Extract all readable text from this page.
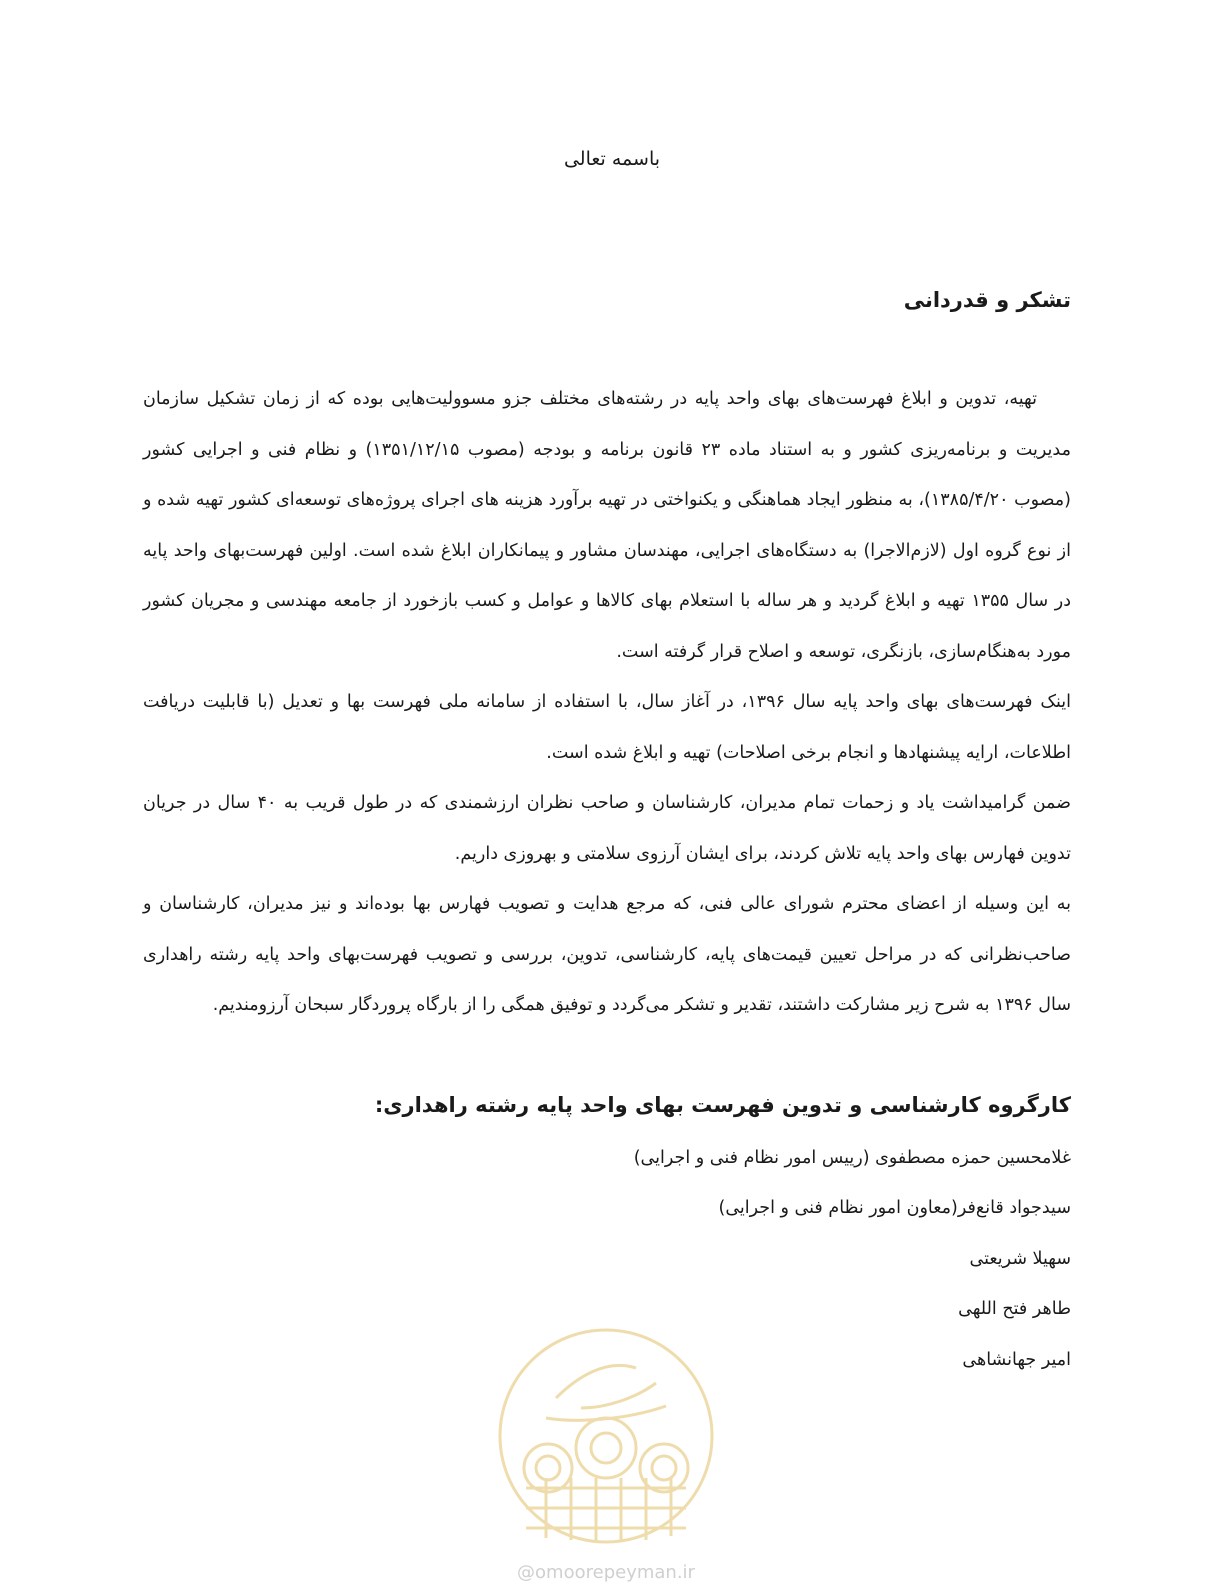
باسمه تعالی
تشکر و قدردانی

تهیه، تدوین و ابلاغ فهرست‌های بهای واحد پایه در رشته‌های مختلف جزو مسوولیت‌هایی بوده که از زمان تشکیل سازمان مدیریت و برنامه‌ریزی کشور و به استناد ماده ۲۳ قانون برنامه و بودجه (مصوب ۱۳۵۱/۱۲/۱۵) و نظام فنی و اجرایی کشور (مصوب ۱۳۸۵/۴/۲۰)، به منظور ایجاد هماهنگی و یکنواختی در تهیه برآورد هزینه های اجرای پروژه‌های توسعه‌ای کشور تهیه شده و از نوع گروه اول (لازم‌الاجرا) به دستگاه‌های اجرایی، مهندسان مشاور و پیمانکاران ابلاغ شده است. اولین فهرست‌بهای واحد پایه در سال ۱۳۵۵ تهیه و ابلاغ گردید و هر ساله با استعلام بهای کالاها و عوامل و کسب بازخورد از جامعه مهندسی و مجریان کشور مورد به‌هنگام‌سازی، بازنگری، توسعه و اصلاح قرار گرفته است.

اینک فهرست‌های بهای واحد پایه سال ۱۳۹۶، در آغاز سال، با استفاده از سامانه ملی فهرست بها و تعدیل (با قابلیت دریافت اطلاعات، ارایه پیشنهادها و انجام برخی اصلاحات) تهیه و ابلاغ شده است.

ضمن گرامیداشت یاد و زحمات تمام مدیران، کارشناسان و صاحب نظران ارزشمندی که در طول قریب به ۴۰ سال در جریان تدوین فهارس بهای واحد پایه تلاش کردند، برای ایشان آرزوی سلامتی و بهروزی داریم.

به این وسیله از اعضای محترم شورای عالی فنی، که مرجع هدایت و تصویب فهارس بها بوده‌اند و نیز مدیران، کارشناسان و صاحب‌نظرانی که در مراحل تعیین قیمت‌های پایه، کارشناسی، تدوین، بررسی و تصویب فهرست‌بهای واحد پایه رشته راهداری سال ۱۳۹۶ به شرح زیر مشارکت داشتند، تقدیر و تشکر می‌گردد و توفیق همگی را از بارگاه پروردگار سبحان آرزومندیم.

کارگروه کارشناسی و تدوین فهرست بهای واحد پایه رشته راهداری:
غلامحسین حمزه مصطفوی (رییس امور نظام فنی و اجرایی)
سیدجواد قانع‌فر(معاون امور نظام فنی و اجرایی)
سهیلا شریعتی
طاهر فتح اللهی
امیر جهانشاهی
@omoorepeyman.ir
